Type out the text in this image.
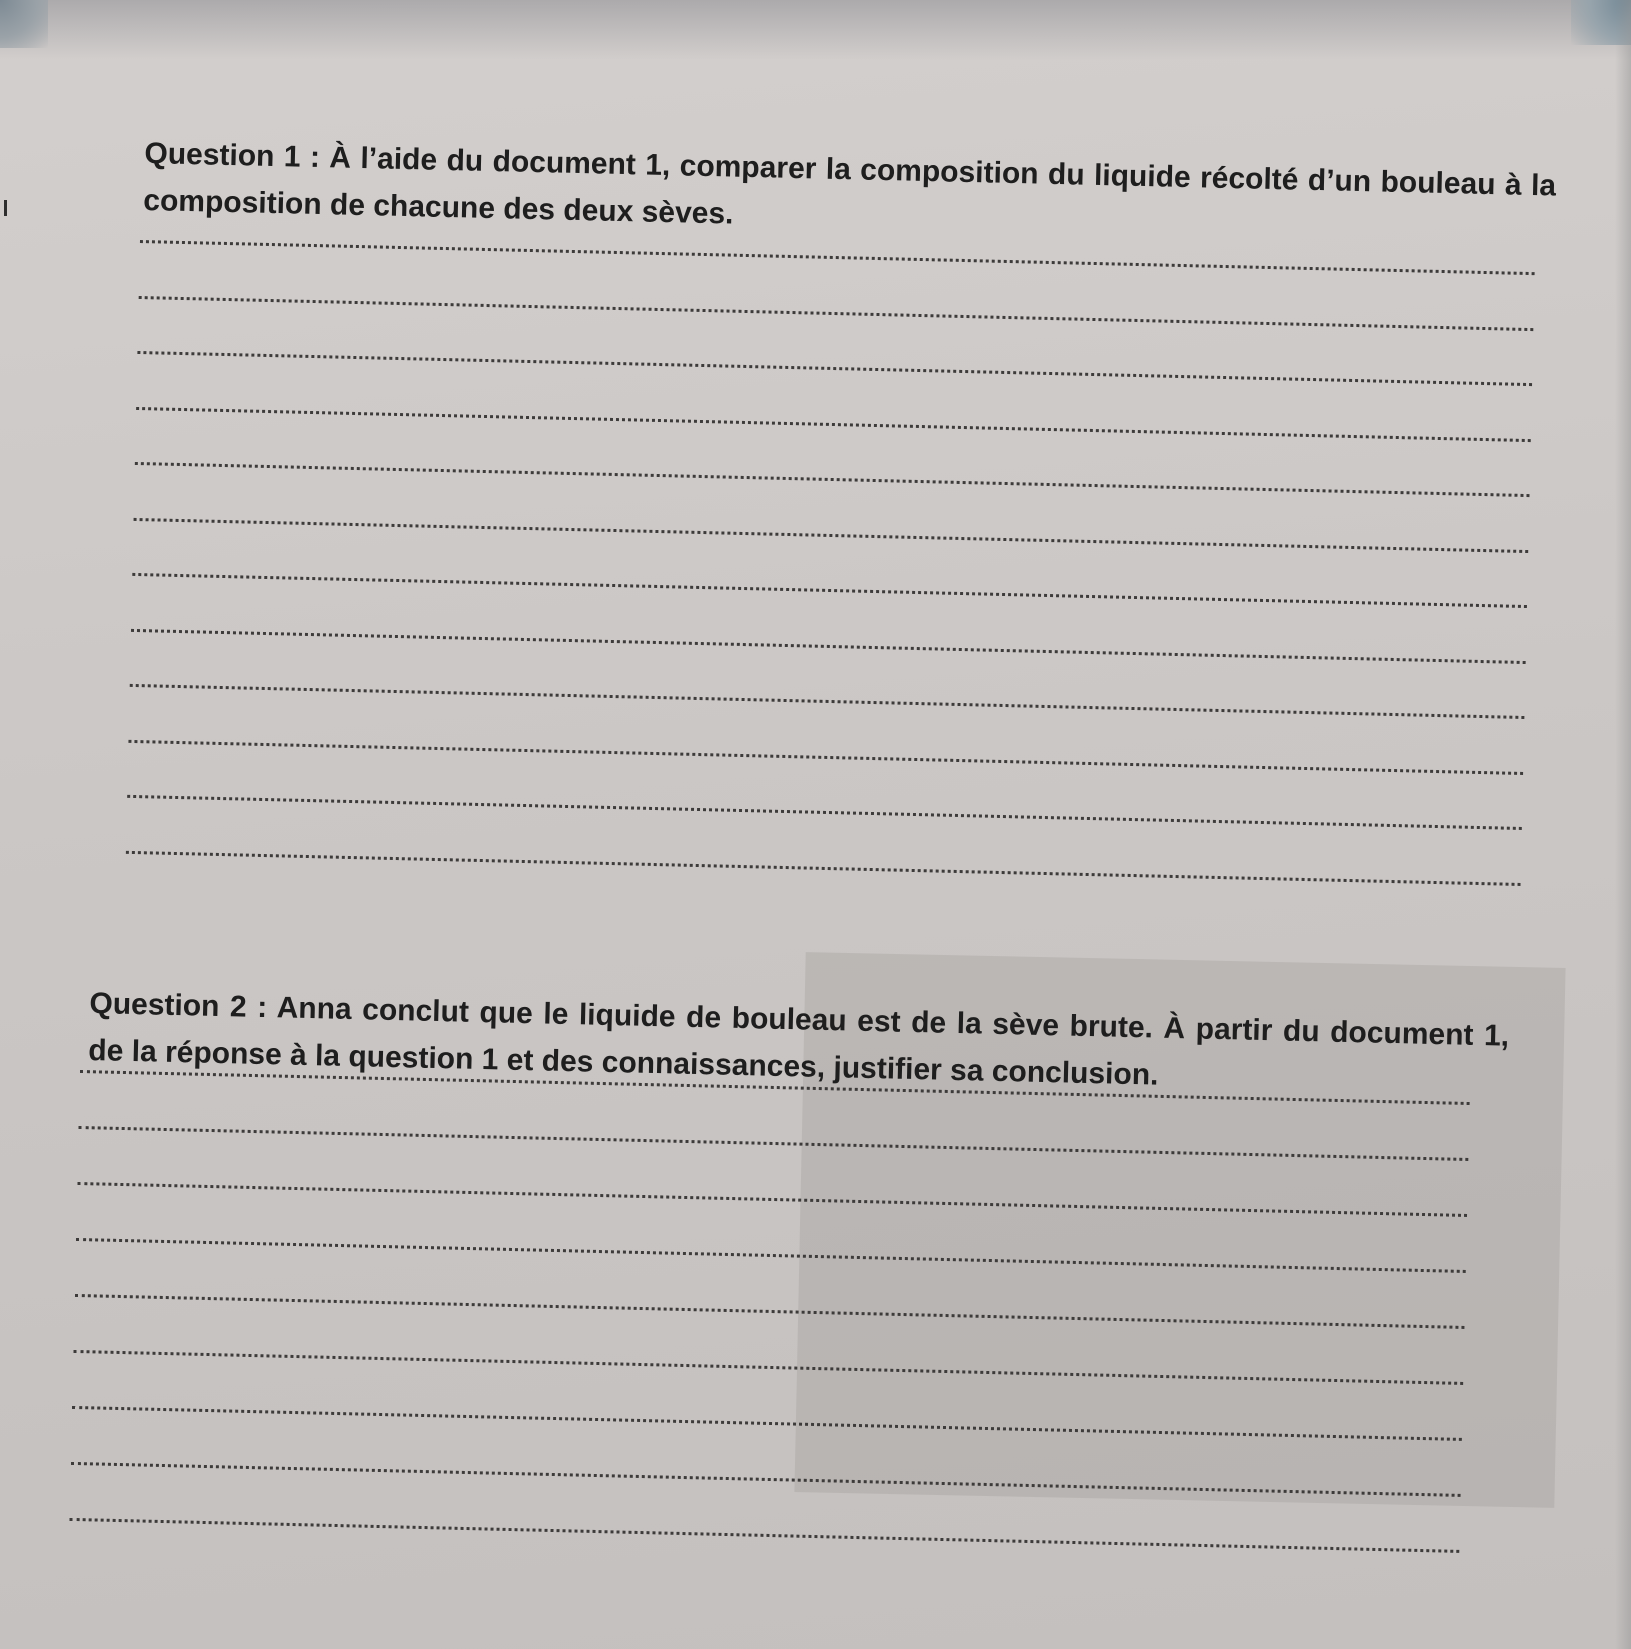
Question 1 : À l’aide du document 1, comparer la composition du liquide récolté d’un bouleau à la composition de chacune des deux sèves.

Question 2 : Anna conclut que le liquide de bouleau est de la sève brute. À partir du document 1, de la réponse à la question 1 et des connaissances, justifier sa conclusion.
